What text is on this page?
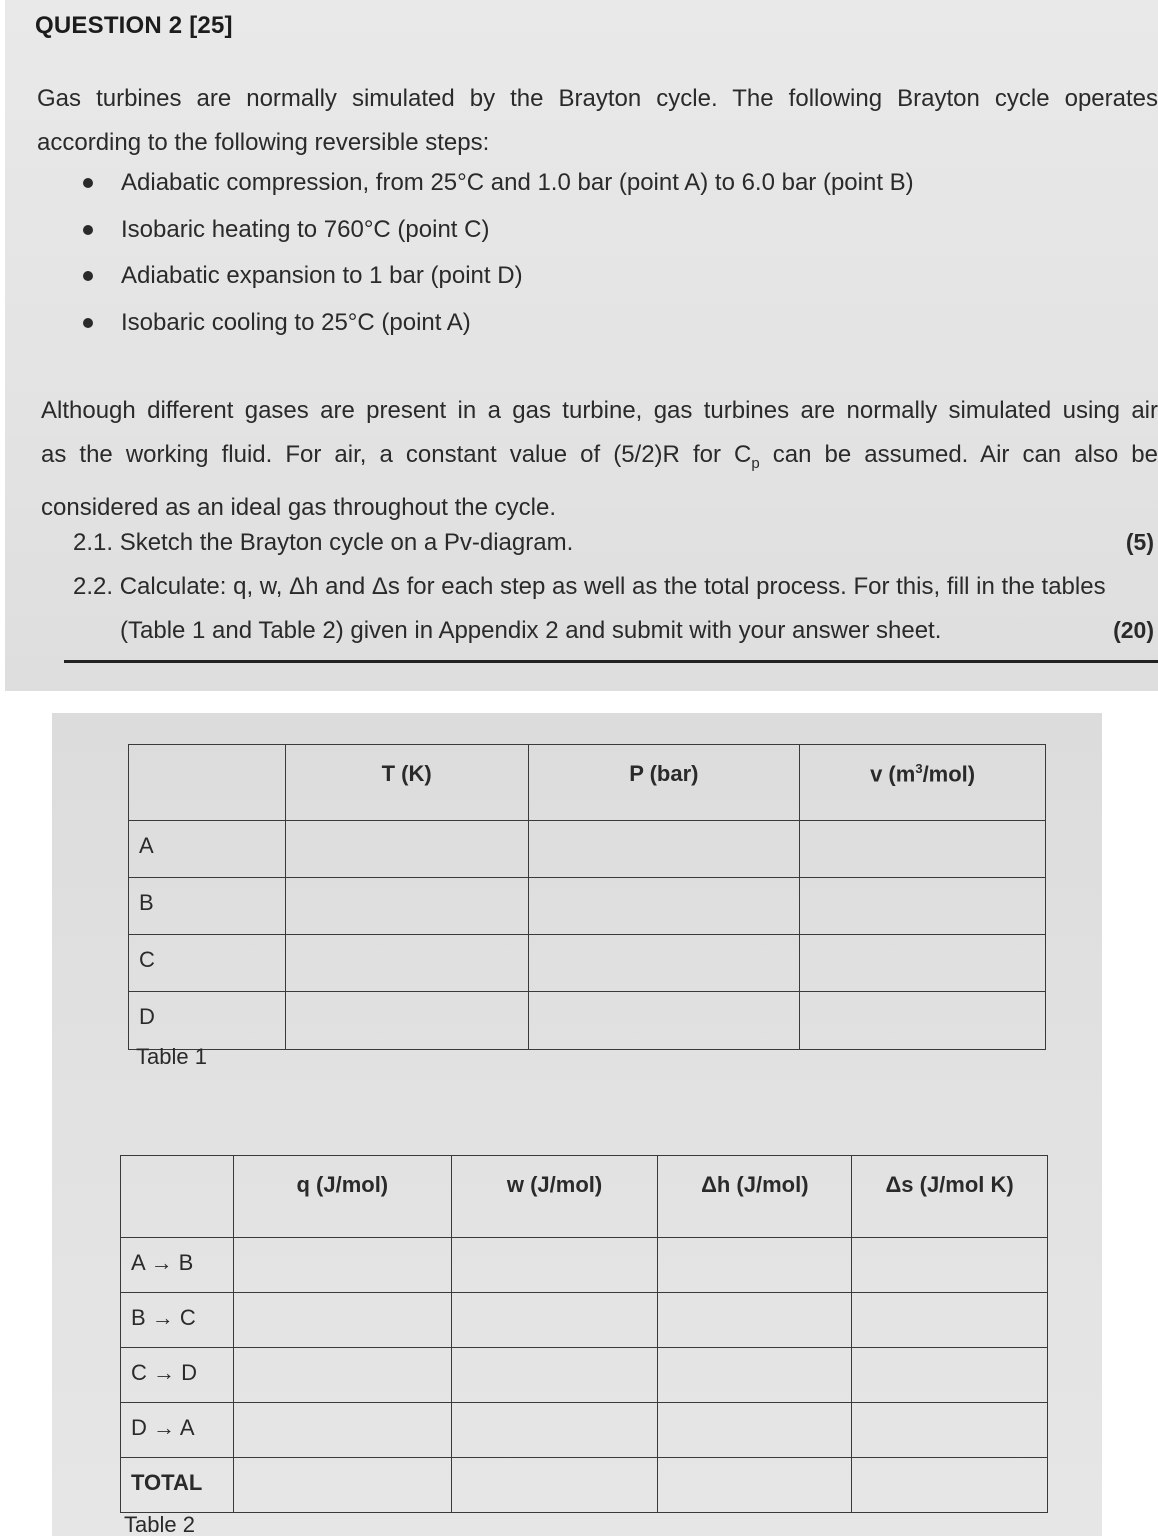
QUESTION 2 [25]

Gas turbines are normally simulated by the Brayton cycle. The following Brayton cycle operates
according to the following reversible steps:

Adiabatic compression, from 25°C and 1.0 bar (point A) to 6.0 bar (point B)
Isobaric heating to 760°C (point C)
Adiabatic expansion to 1 bar (point D)
Isobaric cooling to 25°C (point A)

Although different gases are present in a gas turbine, gas turbines are normally simulated using air
as the working fluid. For air, a constant value of (5/2)R for $C_p$ can be assumed. Air can also be
considered as an ideal gas throughout the cycle.

2.1. Sketch the Brayton cycle on a Pv-diagram.	(5)
2.2. Calculate: q, w, Δh and Δs for each step as well as the total process. For this, fill in the tables
(Table 1 and Table 2) given in Appendix 2 and submit with your answer sheet.	(20)
	T (K)	P (bar)	v $(m^3/mol)$
A			
B			
C			
D			
Table 1
	q (J/mol)	w (J/mol)	Δh (J/mol)	Δs (J/mol K)
A → B				
B → C				
C → D				
D → A				
TOTAL				
Table 2
